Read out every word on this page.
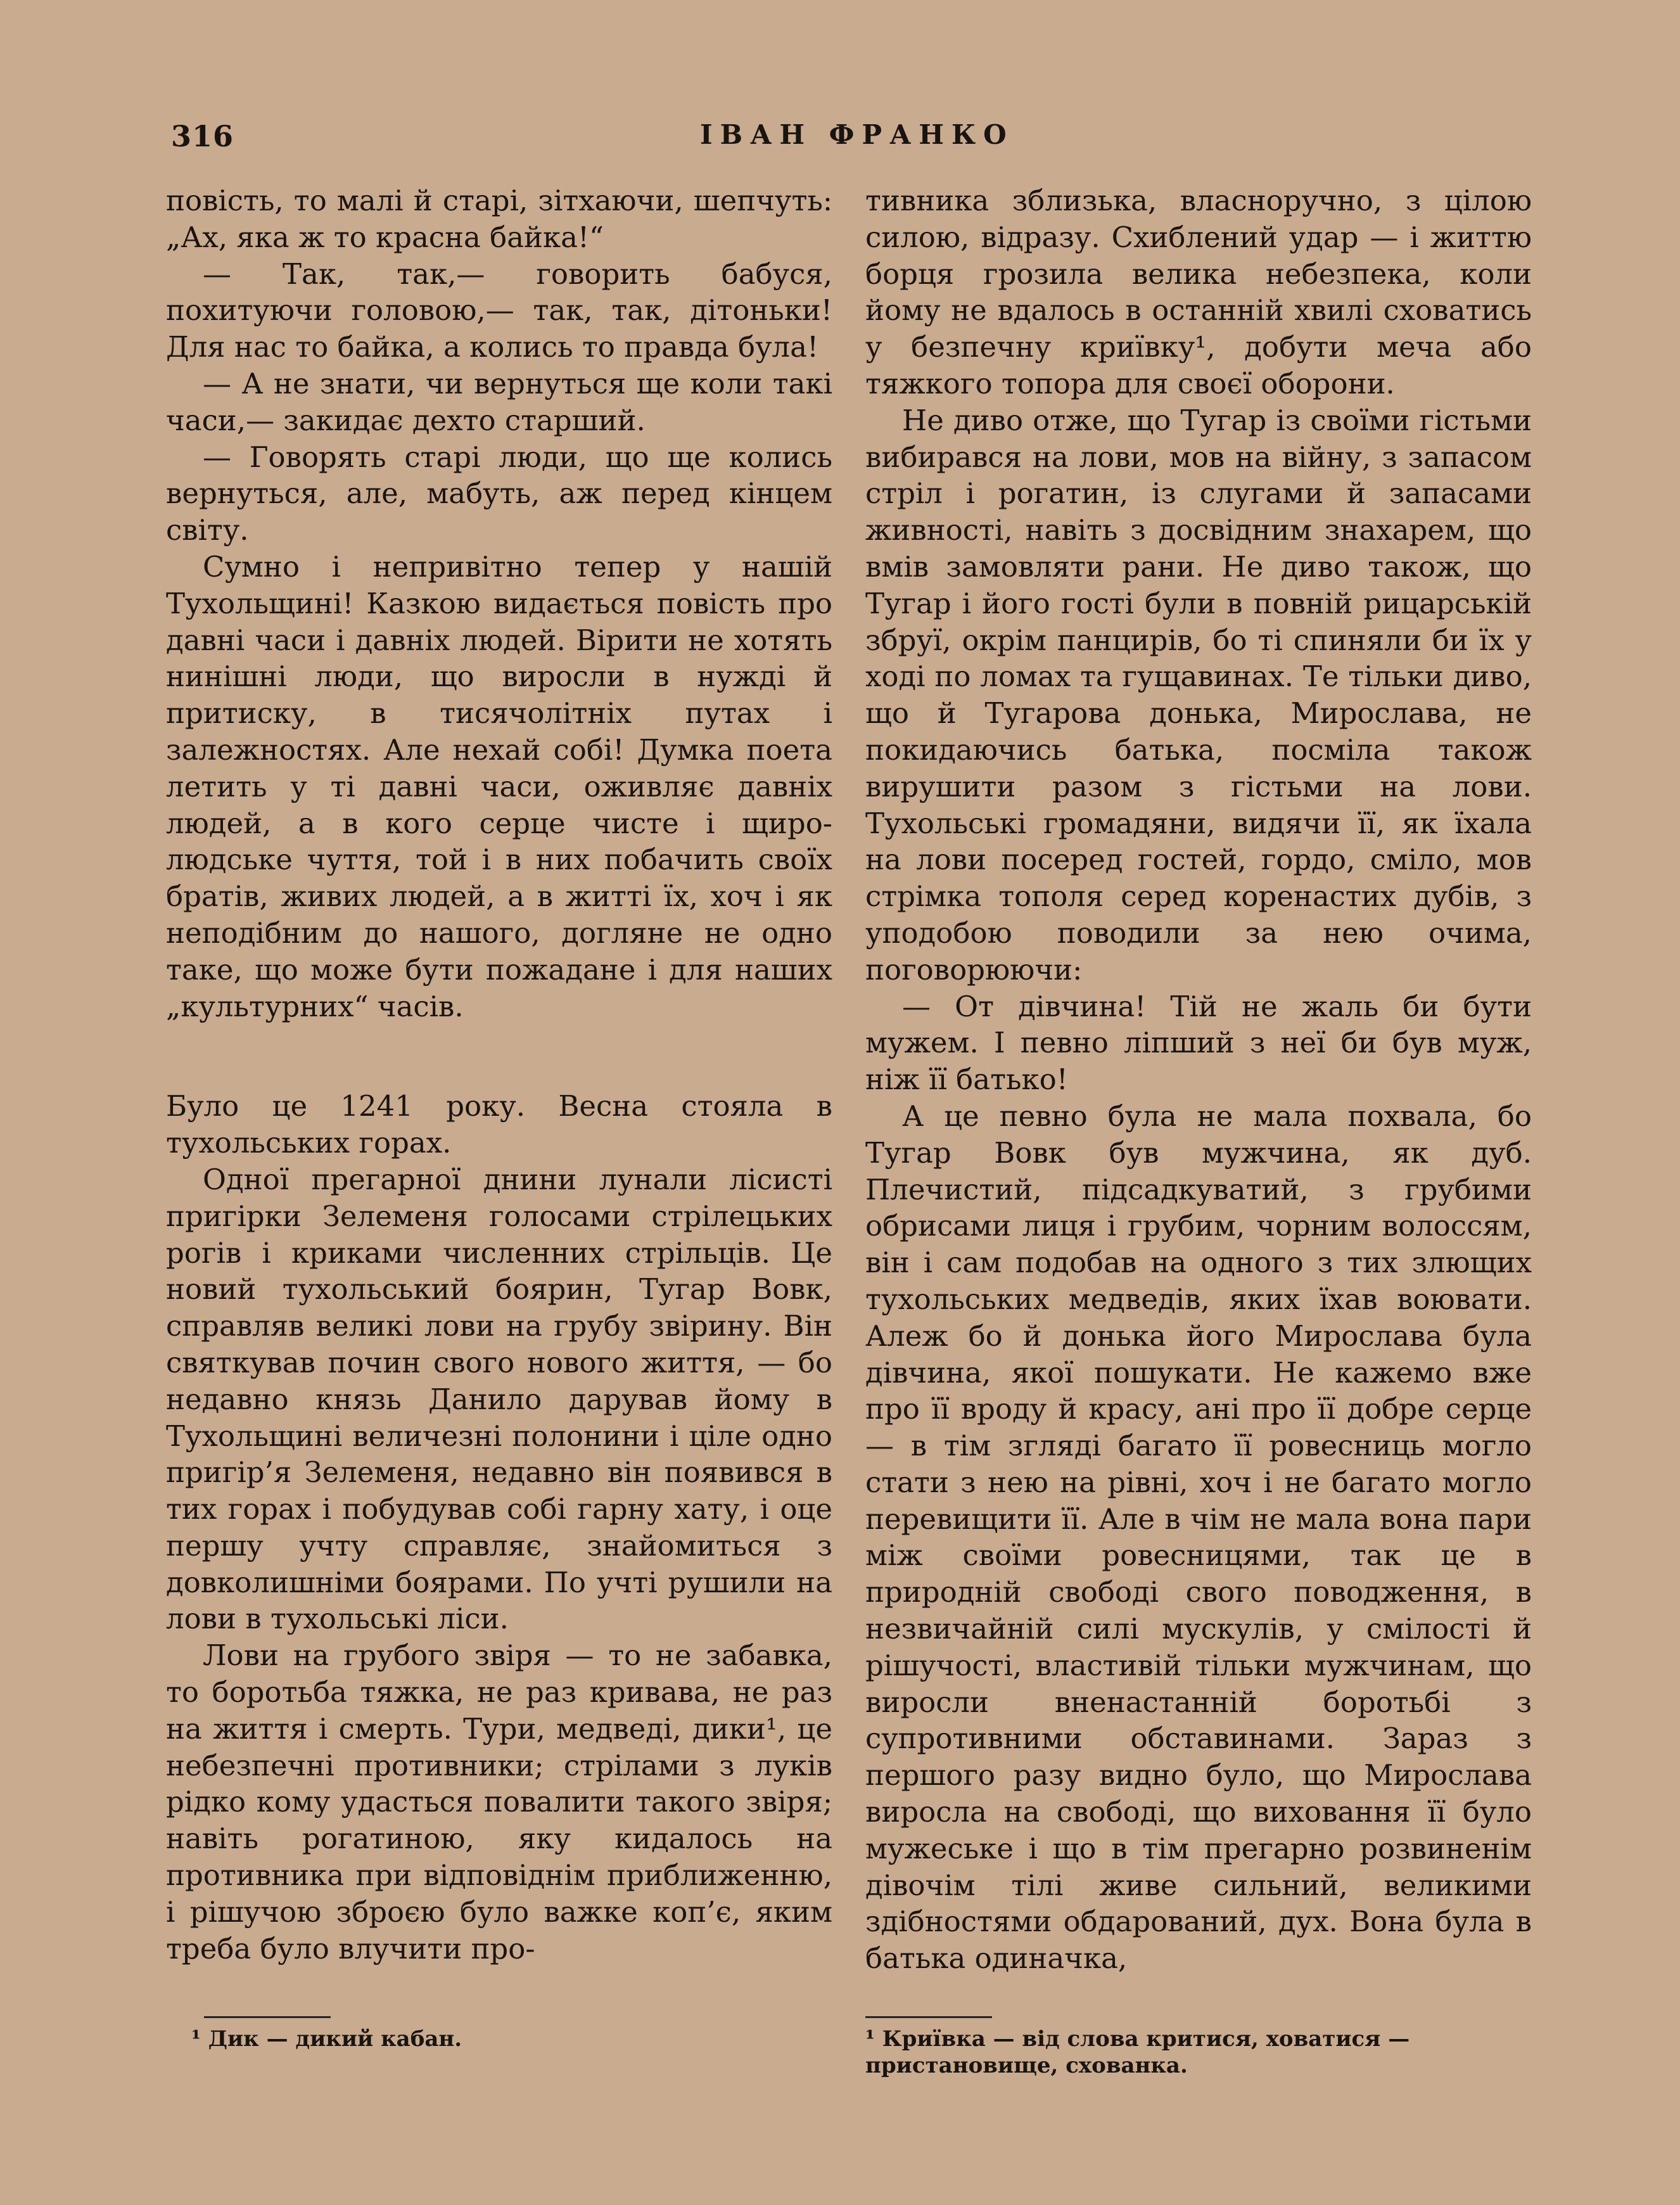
316	ІВАН ФРАНКО

повість, то малі й старі, зітхаючи, шепчуть: „Ах, яка ж то красна байка!“

— Так, так,— говорить бабуся, похитуючи головою,— так, так, дітоньки! Для нас то байка, а колись то правда була!

— А не знати, чи вернуться ще коли такі часи,— закидає дехто старший.

— Говорять старі люди, що ще колись вернуться, але, мабуть, аж перед кінцем світу.

Сумно і непривітно тепер у нашій Тухольщині! Казкою видається повість про давні часи і давніх людей. Вірити не хотять нинішні люди, що виросли в нужді й притиску, в тисячолітніх путах і залежностях. Але нехай собі! Думка поета летить у ті давні часи, оживляє давніх людей, а в кого серце чисте і щиро-людське чуття, той і в них побачить своїх братів, живих людей, а в житті їх, хоч і як неподібним до нашого, догляне не одно таке, що може бути пожадане і для наших „культурних“ часів.

Було це 1241 року. Весна стояла в тухольських горах.

Одної прегарної днини лунали лісисті пригірки Зелеменя голосами стрілецьких рогів і криками численних стрільців. Це новий тухольський боярин, Тугар Вовк, справляв великі лови на грубу звірину. Він святкував почин свого нового життя, — бо недавно князь Данило дарував йому в Тухольщині величезні полонини і ціле одно пригір’я Зелеменя, недавно він появився в тих горах і побудував собі гарну хату, і оце першу учту справляє, знайомиться з довколишніми боярами. По учті рушили на лови в тухольські ліси.

Лови на грубого звіря — то не забавка, то боротьба тяжка, не раз кривава, не раз на життя і смерть. Тури, медведі, дики¹, це небезпечні противники; стрілами з луків рідко кому удасться повалити такого звіря; навіть рогатиною, яку кидалось на противника при відповіднім приближенню, і рішучою зброєю було важке коп’є, яким треба було влучити про-

тивника зблизька, власноручно, з цілою силою, відразу. Схиблений удар — і життю борця грозила велика небезпека, коли йому не вдалось в останній хвилі сховатись у безпечну криївку¹, добути меча або тяжкого топора для своєї оборони.

Не диво отже, що Тугар із своїми гістьми вибирався на лови, мов на війну, з запасом стріл і рогатин, із слугами й запасами живності, навіть з досвідним знахарем, що вмів замовляти рани. Не диво також, що Тугар і його гості були в повній рицарській збруї, окрім панцирів, бо ті спиняли би їх у ході по ломах та гущавинах. Те тільки диво, що й Тугарова донька, Мирослава, не покидаючись батька, посміла також вирушити разом з гістьми на лови. Тухольські громадяни, видячи її, як їхала на лови посеред гостей, гордо, сміло, мов стрімка тополя серед коренастих дубів, з уподобою поводили за нею очима, поговорюючи:

— От дівчина! Тій не жаль би бути мужем. І певно ліпший з неї би був муж, ніж її батько!

А це певно була не мала похвала, бо Тугар Вовк був мужчина, як дуб. Плечистий, підсадкуватий, з грубими обрисами лиця і грубим, чорним волоссям, він і сам подобав на одного з тих злющих тухольських медведів, яких їхав воювати. Алеж бо й донька його Мирослава була дівчина, якої пошукати. Не кажемо вже про її вроду й красу, ані про її добре серце — в тім згляді багато її ровесниць могло стати з нею на рівні, хоч і не багато могло перевищити її. Але в чім не мала вона пари між своїми ровесницями, так це в природній свободі свого поводження, в незвичайній силі мускулів, у смілості й рішучості, властивій тільки мужчинам, що виросли вненастанній боротьбі з супротивними обставинами. Зараз з першого разу видно було, що Мирослава виросла на свободі, що виховання її було мужеське і що в тім прегарно розвиненім дівочім тілі живе сильний, великими здібностями обдарований, дух. Вона була в батька одиначка,

¹ Дик — дикий кабан.	¹ Криївка — від слова критися, ховатися — пристановище, схованка.
